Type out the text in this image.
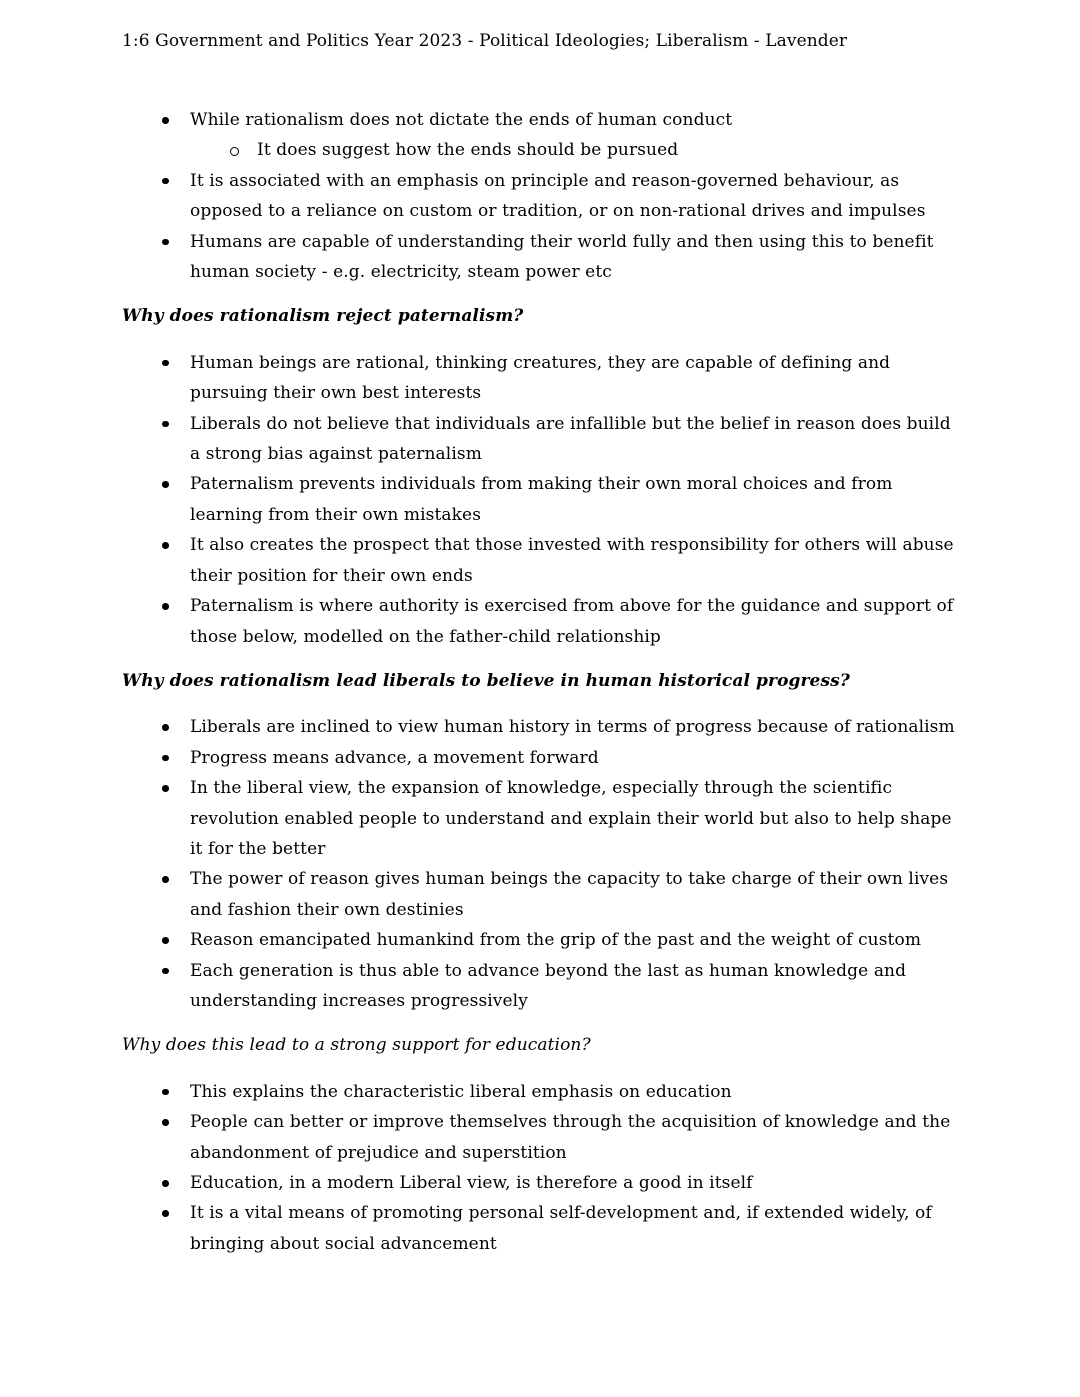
1:6 Government and Politics Year 2023 - Political Ideologies; Liberalism - Lavender
While rationalism does not dictate the ends of human conduct
It does suggest how the ends should be pursued
It is associated with an emphasis on principle and reason-governed behaviour, as opposed to a reliance on custom or tradition, or on non-rational drives and impulses
Humans are capable of understanding their world fully and then using this to benefit human society - e.g. electricity, steam power etc

Why does rationalism reject paternalism?

Human beings are rational, thinking creatures, they are capable of defining and pursuing their own best interests
Liberals do not believe that individuals are infallible but the belief in reason does build a strong bias against paternalism
Paternalism prevents individuals from making their own moral choices and from learning from their own mistakes
It also creates the prospect that those invested with responsibility for others will abuse their position for their own ends
Paternalism is where authority is exercised from above for the guidance and support of those below, modelled on the father-child relationship

Why does rationalism lead liberals to believe in human historical progress?

Liberals are inclined to view human history in terms of progress because of rationalism
Progress means advance, a movement forward
In the liberal view, the expansion of knowledge, especially through the scientific revolution enabled people to understand and explain their world but also to help shape it for the better
The power of reason gives human beings the capacity to take charge of their own lives and fashion their own destinies
Reason emancipated humankind from the grip of the past and the weight of custom
Each generation is thus able to advance beyond the last as human knowledge and understanding increases progressively

Why does this lead to a strong support for education?

This explains the characteristic liberal emphasis on education
People can better or improve themselves through the acquisition of knowledge and the abandonment of prejudice and superstition
Education, in a modern Liberal view, is therefore a good in itself
It is a vital means of promoting personal self-development and, if extended widely, of bringing about social advancement
